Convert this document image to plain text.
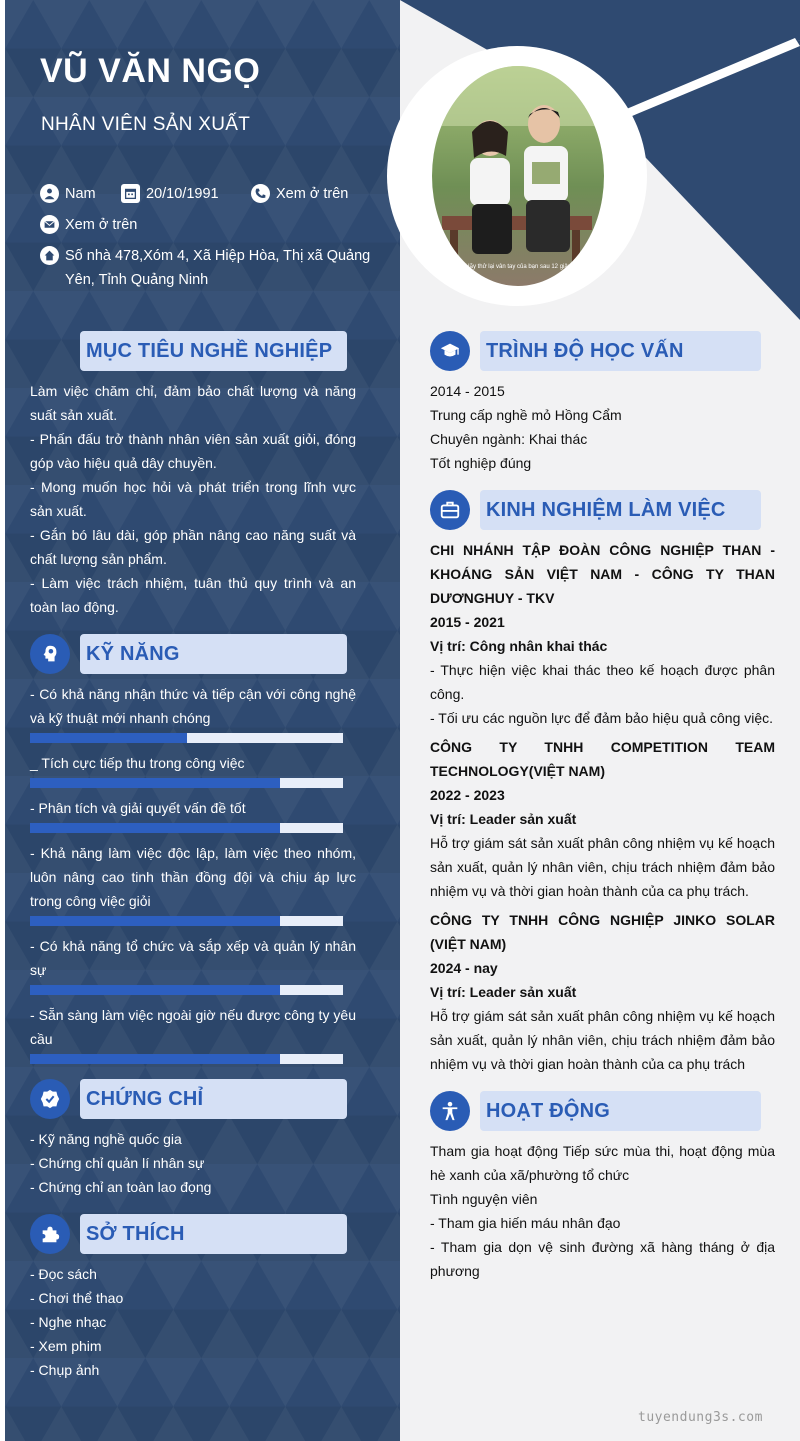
Hãy thử lại vân tay của bạn sau 12 giây
VŨ VĂN NGỌ
NHÂN VIÊN SẢN XUẤT
Nam	20/10/1991	Xem ở trên
Xem ở trên
Số nhà 478,Xóm 4, Xã Hiệp Hòa, Thị xã Quảng Yên, Tỉnh Quảng Ninh
MỤC TIÊU NGHỀ NGHIỆP
Làm việc chăm chỉ, đảm bảo chất lượng và năng suất sản xuất.
- Phấn đấu trở thành nhân viên sản xuất giỏi, đóng góp vào hiệu quả dây chuyền.
- Mong muốn học hỏi và phát triển trong lĩnh vực sản xuất.
- Gắn bó lâu dài, góp phần nâng cao năng suất và chất lượng sản phẩm.
- Làm việc trách nhiệm, tuân thủ quy trình và an toàn lao động.
KỸ NĂNG
- Có khả năng nhận thức và tiếp cận với công nghệ và kỹ thuật mới nhanh chóng
_ Tích cực tiếp thu trong công việc
- Phân tích và giải quyết vấn đề tốt
- Khả năng làm việc độc lập, làm việc theo nhóm, luôn nâng cao tinh thần đồng đội và chịu áp lực trong công việc giỏi
- Có khả năng tổ chức và sắp xếp và quản lý nhân sự
- Sẵn sàng làm việc ngoài giờ nếu được công ty yêu cầu
CHỨNG CHỈ
- Kỹ năng nghề quốc gia
- Chứng chỉ quản lí nhân sự
- Chứng chỉ an toàn lao đọng
SỞ THÍCH
- Đọc sách
- Chơi thể thao
- Nghe nhạc
- Xem phim
- Chụp ảnh
TRÌNH ĐỘ HỌC VẤN
2014 - 2015
Trung cấp nghề mỏ Hồng Cẩm
Chuyên ngành: Khai thác
Tốt nghiệp đúng
KINH NGHIỆM LÀM VIỆC
CHI NHÁNH TẬP ĐOÀN CÔNG NGHIỆP THAN - KHOÁNG SẢN VIỆT NAM - CÔNG TY THAN DƯƠNGHUY - TKV
2015 - 2021
Vị trí: Công nhân khai thác
- Thực hiện việc khai thác theo kế hoạch được phân công.
- Tối ưu các nguồn lực để đảm bảo hiệu quả công việc.
CÔNG TY TNHH COMPETITION TEAM TECHNOLOGY(VIỆT NAM)
2022 - 2023
Vị trí: Leader sản xuất
Hỗ trợ giám sát sản xuất phân công nhiệm vụ kế hoạch sản xuất, quản lý nhân viên, chịu trách nhiệm đảm bảo nhiệm vụ và thời gian hoàn thành của ca phụ trách.
CÔNG TY TNHH CÔNG NGHIỆP JINKO SOLAR (VIỆT NAM)
2024 - nay
Vị trí: Leader sản xuất
Hỗ trợ giám sát sản xuất phân công nhiệm vụ kế hoạch sản xuất, quản lý nhân viên, chịu trách nhiệm đảm bảo nhiệm vụ và thời gian hoàn thành của ca phụ trách
HOẠT ĐỘNG
Tham gia hoạt động Tiếp sức mùa thi, hoạt động mùa hè xanh của xã/phường tổ chức
Tình nguyện viên
- Tham gia hiến máu nhân đạo
- Tham gia dọn vệ sinh đường xã hàng tháng ở địa phương
tuyendung3s.com
